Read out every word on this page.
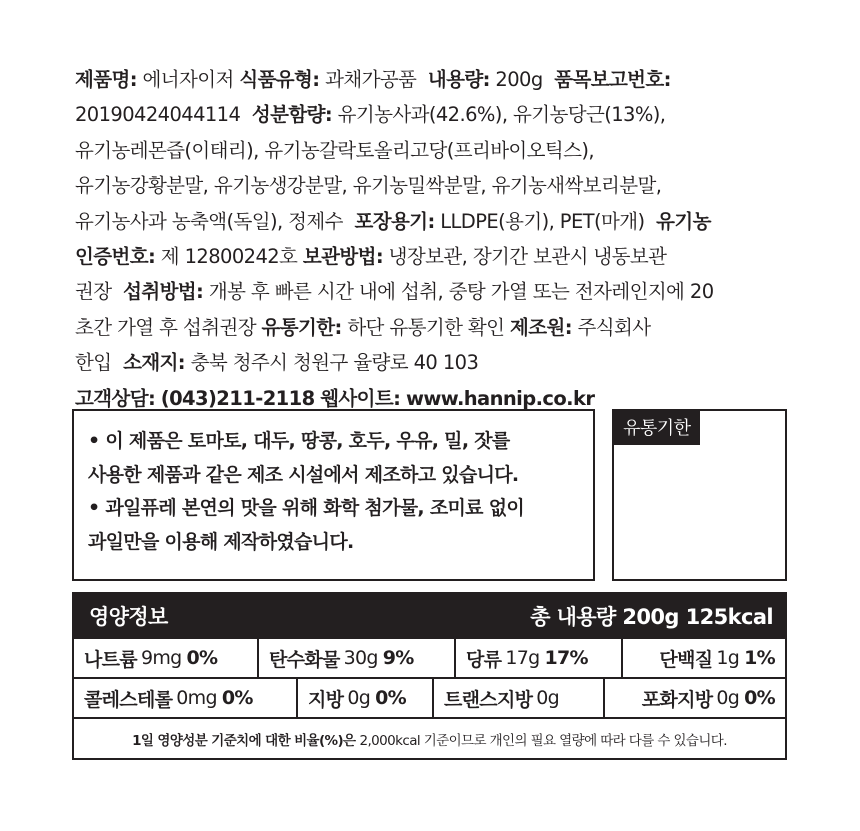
제품명: 에너자이저 식품유형: 과채가공품 내용량: 200g 품목보고번호:
20190424044114 성분함량: 유기농사과(42.6%), 유기농당근(13%),
유기농레몬즙(이태리), 유기농갈락토올리고당(프리바이오틱스),
유기농강황분말, 유기농생강분말, 유기농밀싹분말, 유기농새싹보리분말,
유기농사과 농축액(독일), 정제수 포장용기: LLDPE(용기), PET(마개) 유기농
인증번호: 제 12800242호 보관방법: 냉장보관, 장기간 보관시 냉동보관
권장 섭취방법: 개봉 후 빠른 시간 내에 섭취, 중탕 가열 또는 전자레인지에 20
초간 가열 후 섭취권장 유통기한: 하단 유통기한 확인 제조원: 주식회사
한입 소재지: 충북 청주시 청원구 율량로 40 103
고객상담: (043)211-2118 웹사이트: www.hannip.co.kr
• 이 제품은 토마토, 대두, 땅콩, 호두, 우유, 밀, 잣를
사용한 제품과 같은 제조 시설에서 제조하고 있습니다.
• 과일퓨레 본연의 맛을 위해 화학 첨가물, 조미료 없이
과일만을 이용해 제작하였습니다.
유통기한
영양정보	총 내용량 200g 125kcal
나트륨 9mg 0%	탄수화물 30g 9%	당류 17g 17%	단백질 1g 1%
콜레스테롤 0mg 0%	지방 0g 0% 트랜스지방 0g	포화지방 0g 0%
1일 영양성분 기준치에 대한 비율(%)은 2,000kcal 기준이므로 개인의 필요 열량에 따라 다를 수 있습니다.
